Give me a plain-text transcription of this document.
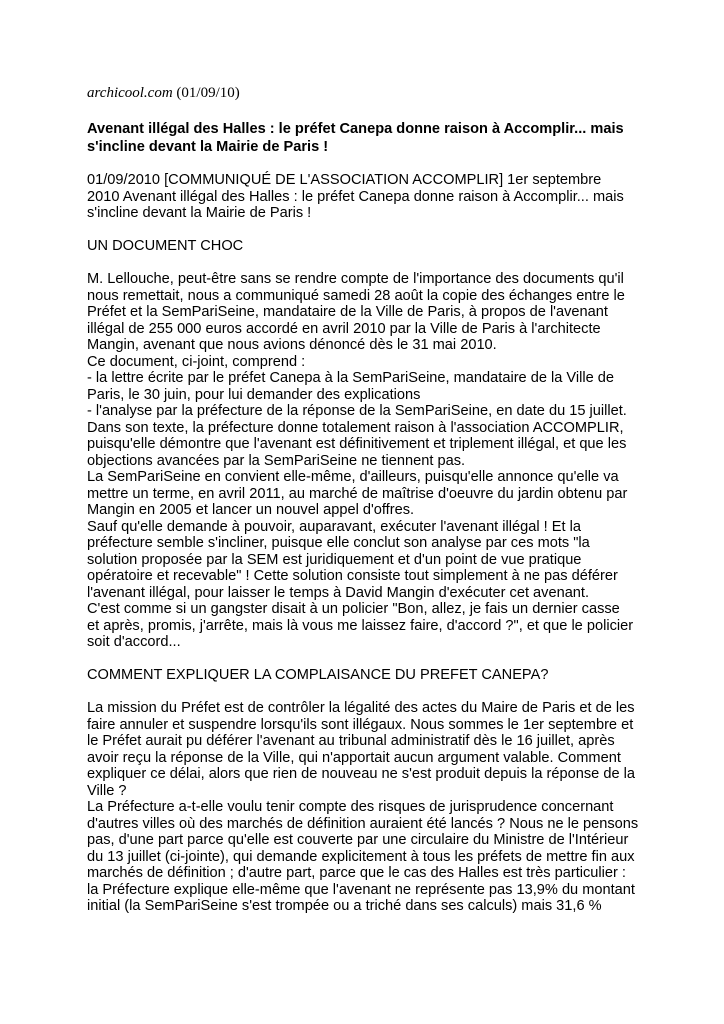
archicool.com (01/09/10)

Avenant illégal des Halles : le préfet Canepa donne raison à Accomplir... mais
s'incline devant la Mairie de Paris !
01/09/2010 [COMMUNIQUÉ DE L'ASSOCIATION ACCOMPLIR] 1er septembre
2010 Avenant illégal des Halles : le préfet Canepa donne raison à Accomplir... mais
s'incline devant la Mairie de Paris !
UN DOCUMENT CHOC
M. Lellouche, peut-être sans se rendre compte de l'importance des documents qu'il
nous remettait, nous a communiqué samedi 28 août la copie des échanges entre le
Préfet et la SemPariSeine, mandataire de la Ville de Paris, à propos de l'avenant
illégal de 255 000 euros accordé en avril 2010 par la Ville de Paris à l'architecte
Mangin, avenant que nous avions dénoncé dès le 31 mai 2010.
Ce document, ci-joint, comprend :
- la lettre écrite par le préfet Canepa à la SemPariSeine, mandataire de la Ville de
Paris, le 30 juin, pour lui demander des explications
- l'analyse par la préfecture de la réponse de la SemPariSeine, en date du 15 juillet.
Dans son texte, la préfecture donne totalement raison à l'association ACCOMPLIR,
puisqu'elle démontre que l'avenant est définitivement et triplement illégal, et que les
objections avancées par la SemPariSeine ne tiennent pas.
La SemPariSeine en convient elle-même, d'ailleurs, puisqu'elle annonce qu'elle va
mettre un terme, en avril 2011, au marché de maîtrise d'oeuvre du jardin obtenu par
Mangin en 2005 et lancer un nouvel appel d'offres.
Sauf qu'elle demande à pouvoir, auparavant, exécuter l'avenant illégal ! Et la
préfecture semble s'incliner, puisque elle conclut son analyse par ces mots "la
solution proposée par la SEM est juridiquement et d'un point de vue pratique
opératoire et recevable" ! Cette solution consiste tout simplement à ne pas déférer
l'avenant illégal, pour laisser le temps à David Mangin d'exécuter cet avenant.
C'est comme si un gangster disait à un policier "Bon, allez, je fais un dernier casse
et après, promis, j'arrête, mais là vous me laissez faire, d'accord ?", et que le policier
soit d'accord...
COMMENT EXPLIQUER LA COMPLAISANCE DU PREFET CANEPA?
La mission du Préfet est de contrôler la légalité des actes du Maire de Paris et de les
faire annuler et suspendre lorsqu'ils sont illégaux. Nous sommes le 1er septembre et
le Préfet aurait pu déférer l'avenant au tribunal administratif dès le 16 juillet, après
avoir reçu la réponse de la Ville, qui n'apportait aucun argument valable. Comment
expliquer ce délai, alors que rien de nouveau ne s'est produit depuis la réponse de la
Ville ?
La Préfecture a-t-elle voulu tenir compte des risques de jurisprudence concernant
d'autres villes où des marchés de définition auraient été lancés ? Nous ne le pensons
pas, d'une part parce qu'elle est couverte par une circulaire du Ministre de l'Intérieur
du 13 juillet (ci-jointe), qui demande explicitement à tous les préfets de mettre fin aux
marchés de définition ; d'autre part, parce que le cas des Halles est très particulier :
la Préfecture explique elle-même que l'avenant ne représente pas 13,9% du montant
initial (la SemPariSeine s'est trompée ou a triché dans ses calculs) mais 31,6 %
